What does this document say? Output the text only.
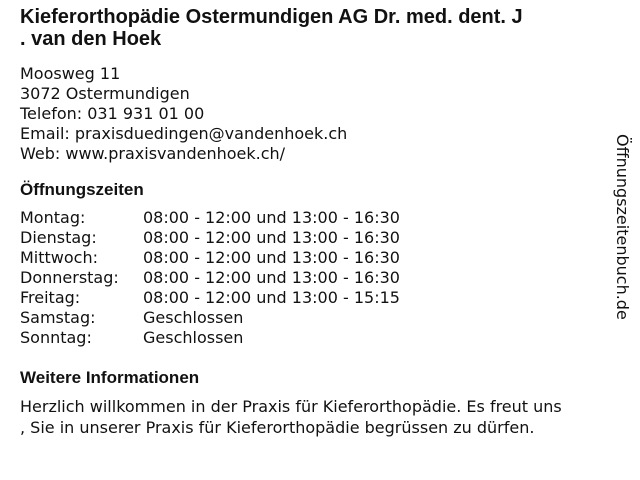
Kieferorthopädie Ostermundigen AG Dr. med. dent. J
. van den Hoek
Moosweg 11
3072 Ostermundigen
Telefon: 031 931 01 00
Email: praxisduedingen@vandenhoek.ch
Web: www.praxisvandenhoek.ch/
Öffnungszeiten
Montag:	08:00 - 12:00 und 13:00 - 16:30
Dienstag:	08:00 - 12:00 und 13:00 - 16:30
Mittwoch:	08:00 - 12:00 und 13:00 - 16:30
Donnerstag:	08:00 - 12:00 und 13:00 - 16:30
Freitag:	08:00 - 12:00 und 13:00 - 15:15
Samstag:	Geschlossen
Sonntag:	Geschlossen
Weitere Informationen
Herzlich willkommen in der Praxis für Kieferorthopädie. Es freut uns
, Sie in unserer Praxis für Kieferorthopädie begrüssen zu dürfen.
Öffnungszeitenbuch.de
